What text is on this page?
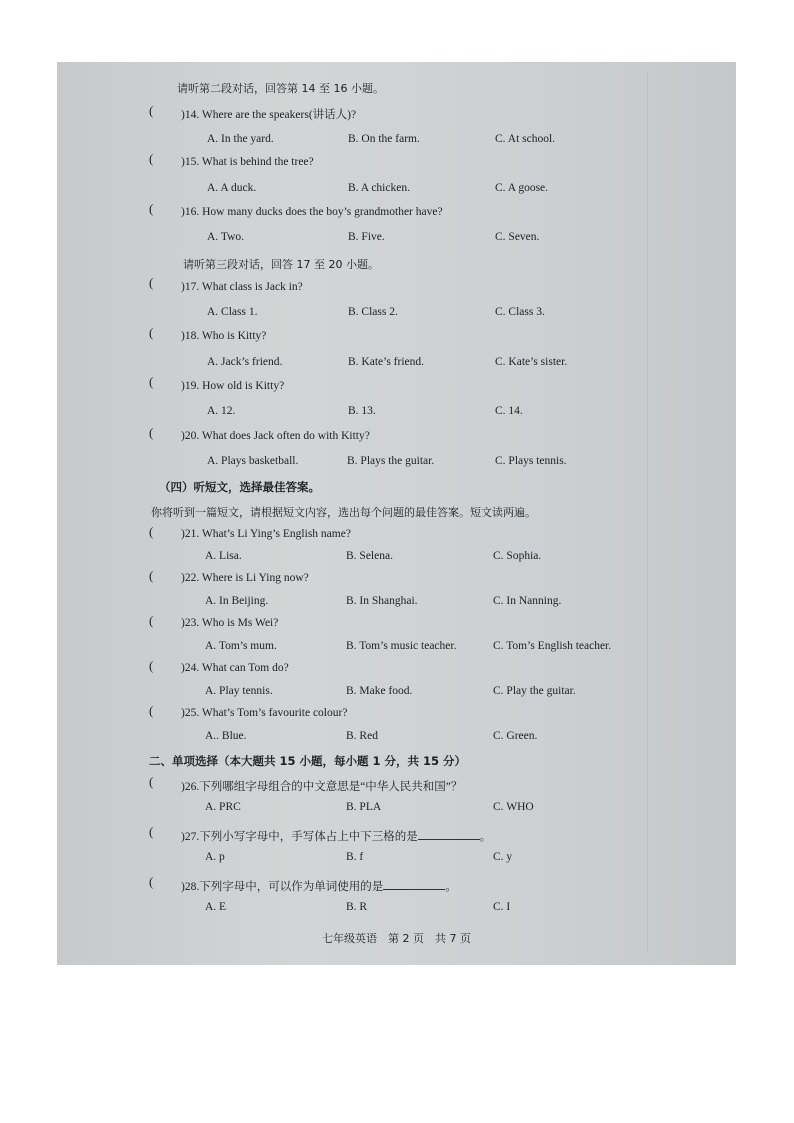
请听第二段对话，回答第 14 至 16 小题。
( )14. Where are the speakers(讲话人)?
A. In the yard.	B. On the farm.	C. At school.
( )15. What is behind the tree?
A. A duck.	B. A chicken.	C. A goose.
( )16. How many ducks does the boy’s grandmother have?
A. Two.	B. Five.	C. Seven.
请听第三段对话，回答 17 至 20 小题。
( )17. What class is Jack in?
A. Class 1.	B. Class 2.	C. Class 3.
( )18. Who is Kitty?
A. Jack’s friend.	B. Kate’s friend.	C. Kate’s sister.
( )19. How old is Kitty?
A. 12.	B. 13.	C. 14.
( )20. What does Jack often do with Kitty?
A. Plays basketball.	B. Plays the guitar.	C. Plays tennis.
（四）听短文，选择最佳答案。
你将听到一篇短文，请根据短文内容，选出每个问题的最佳答案。短文读两遍。
( )21. What’s Li Ying’s English name?
A. Lisa.	B. Selena.	C. Sophia.
( )22. Where is Li Ying now?
A. In Beijing.	B. In Shanghai.	C. In Nanning.
( )23. Who is Ms Wei?
A. Tom’s mum.	B. Tom’s music teacher.	C. Tom’s English teacher.
( )24. What can Tom do?
A. Play tennis.	B. Make food.	C. Play the guitar.
( )25. What’s Tom’s favourite colour?
A.. Blue.	B. Red	C. Green.
二、单项选择（本大题共 15 小题，每小题 1 分，共 15 分）
( )26.下列哪组字母组合的中文意思是“中华人民共和国”？
A. PRC	B. PLA	C. WHO
( )27.下列小写字母中，手写体占上中下三格的是	。
A. p	B. f	C. y
( )28.下列字母中，可以作为单词使用的是	。
A. E	B. R	C. I
七年级英语　第 2 页　共 7 页
